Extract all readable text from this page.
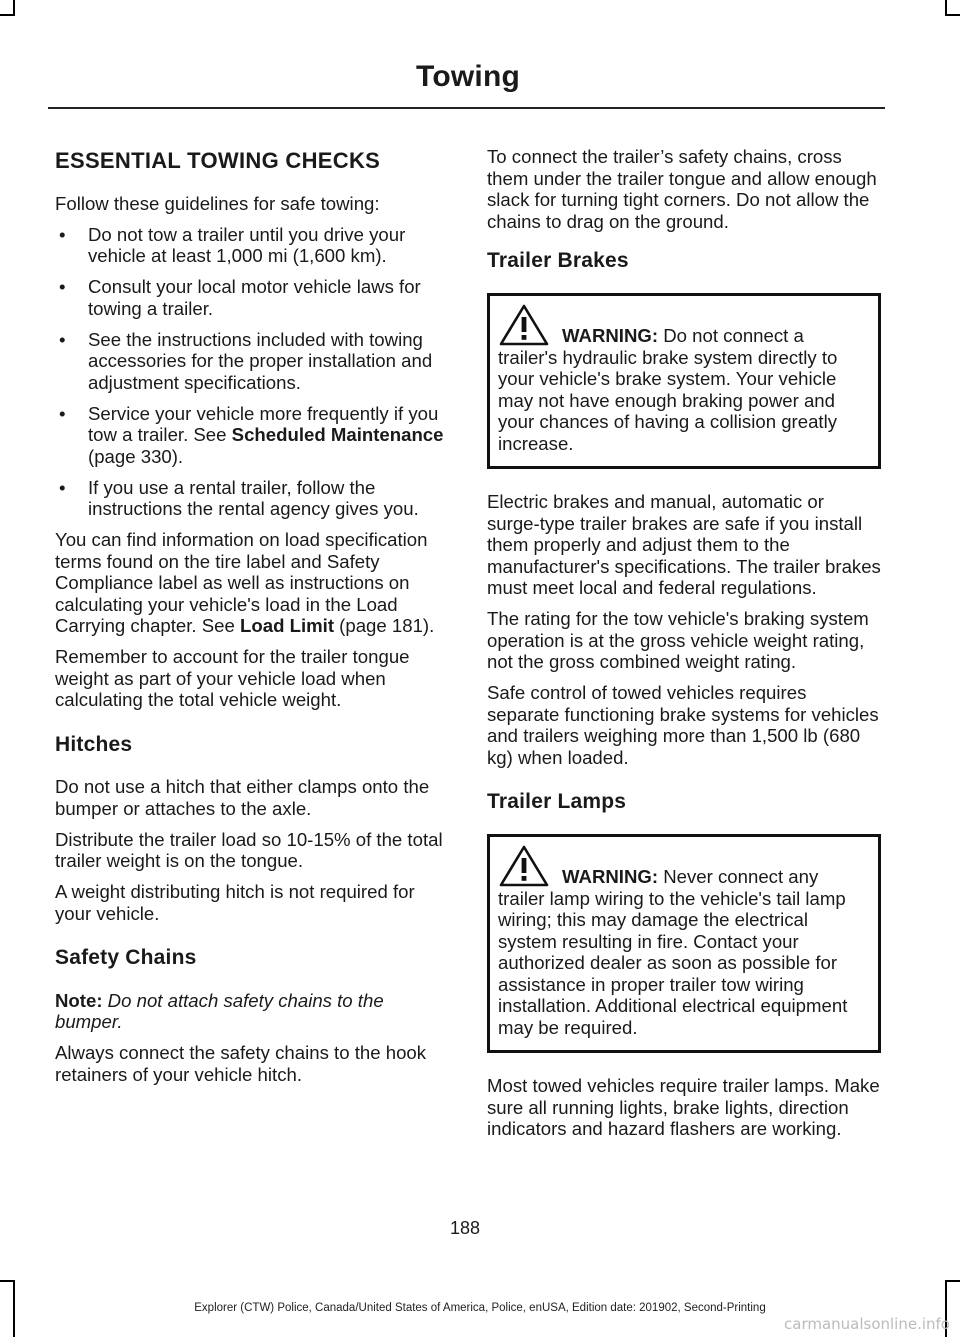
Towing
ESSENTIAL TOWING CHECKS

Follow these guidelines for safe towing:

• Do not tow a trailer until you drive your vehicle at least 1,000 mi (1,600 km).
• Consult your local motor vehicle laws for towing a trailer.
• See the instructions included with towing accessories for the proper installation and adjustment specifications.
• Service your vehicle more frequently if you tow a trailer. See Scheduled Maintenance (page 330).
• If you use a rental trailer, follow the instructions the rental agency gives you.

You can find information on load specification terms found on the tire label and Safety Compliance label as well as instructions on calculating your vehicle's load in the Load Carrying chapter. See Load Limit (page 181).

Remember to account for the trailer tongue weight as part of your vehicle load when calculating the total vehicle weight.

Hitches

Do not use a hitch that either clamps onto the bumper or attaches to the axle.

Distribute the trailer load so 10-15% of the total trailer weight is on the tongue.

A weight distributing hitch is not required for your vehicle.

Safety Chains

Note: Do not attach safety chains to the bumper.

Always connect the safety chains to the hook retainers of your vehicle hitch.

To connect the trailer’s safety chains, cross them under the trailer tongue and allow enough slack for turning tight corners. Do not allow the chains to drag on the ground.

Trailer Brakes
WARNING: Do not connect a
trailer's hydraulic brake system directly to your vehicle's brake system. Your vehicle may not have enough braking power and your chances of having a collision greatly increase.

Electric brakes and manual, automatic or surge-type trailer brakes are safe if you install them properly and adjust them to the manufacturer's specifications. The trailer brakes must meet local and federal regulations.

The rating for the tow vehicle's braking system operation is at the gross vehicle weight rating, not the gross combined weight rating.

Safe control of towed vehicles requires separate functioning brake systems for vehicles and trailers weighing more than 1,500 lb (680 kg) when loaded.

Trailer Lamps
WARNING: Never connect any
trailer lamp wiring to the vehicle's tail lamp wiring; this may damage the electrical system resulting in fire. Contact your authorized dealer as soon as possible for assistance in proper trailer tow wiring installation. Additional electrical equipment may be required.

Most towed vehicles require trailer lamps. Make sure all running lights, brake lights, direction indicators and hazard flashers are working.

188
Explorer (CTW) Police, Canada/United States of America, Police, enUSA, Edition date: 201902, Second-Printing
carmanualsonline.info
